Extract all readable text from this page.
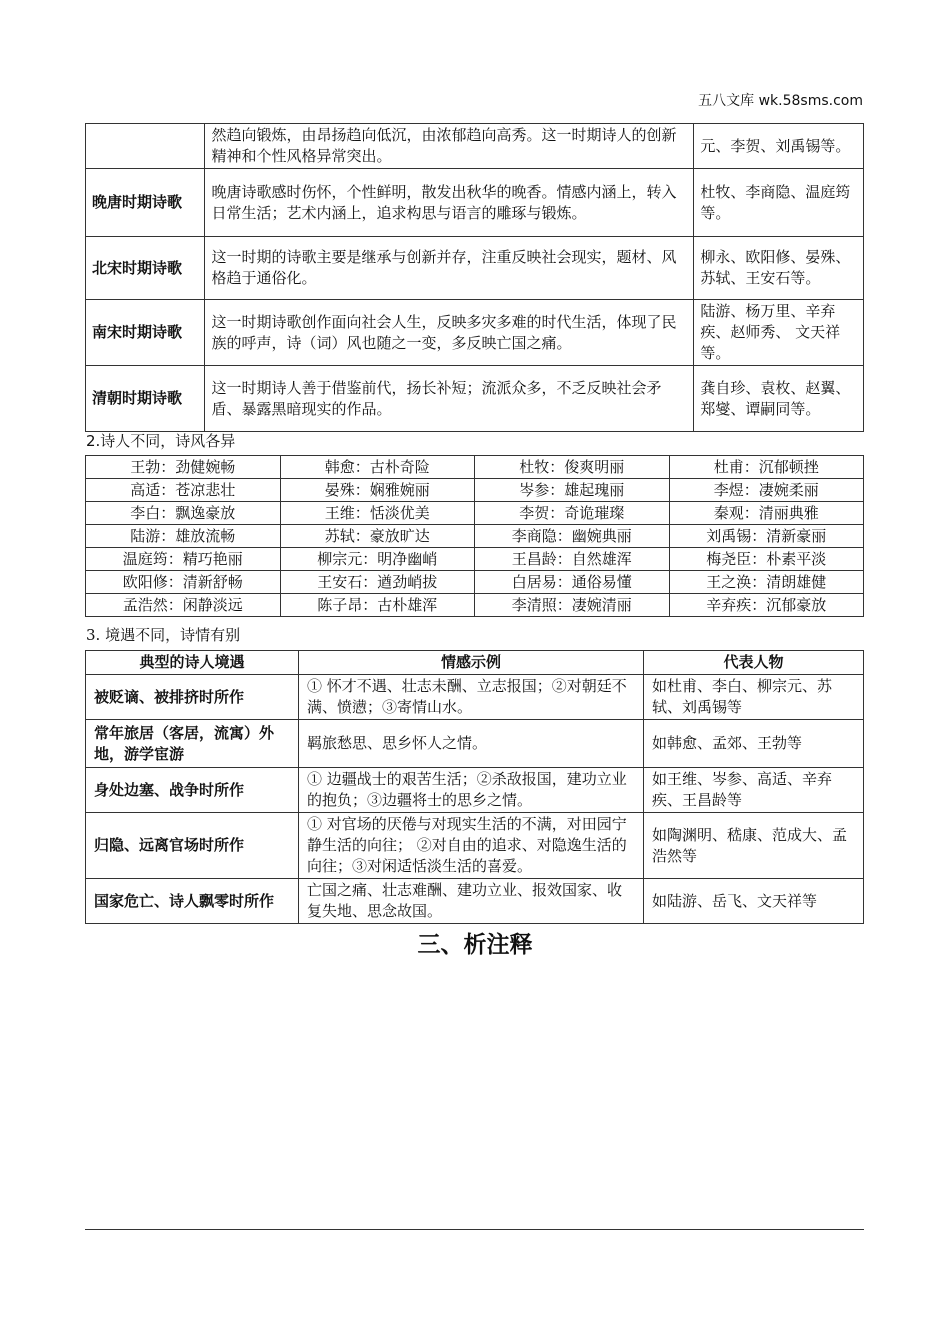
五八文库 wk.58sms.com
	然趋向锻炼，由昂扬趋向低沉，由浓郁趋向高秀。这一时期诗人的创新精神和个性风格异常突出。	元、李贺、刘禹锡等。
晚唐时期诗歌	晚唐诗歌感时伤怀，个性鲜明，散发出秋华的晚香。情感内涵上，转入日常生活；艺术内涵上，追求构思与语言的雕琢与锻炼。	杜牧、李商隐、温庭筠等。
北宋时期诗歌	这一时期的诗歌主要是继承与创新并存，注重反映社会现实，题材、风格趋于通俗化。	柳永、欧阳修、晏殊、苏轼、王安石等。
南宋时期诗歌	这一时期诗歌创作面向社会人生，反映多灾多难的时代生活，体现了民族的呼声，诗（词）风也随之一变，多反映亡国之痛。	陆游、杨万里、辛弃疾、赵师秀、 文天祥等。
清朝时期诗歌	这一时期诗人善于借鉴前代，扬长补短；流派众多，不乏反映社会矛盾、暴露黑暗现实的作品。	龚自珍、袁枚、赵翼、郑燮、谭嗣同等。
2.诗人不同，诗风各异
王勃：劲健婉畅	韩愈：古朴奇险	杜牧：俊爽明丽	杜甫：沉郁顿挫
高适：苍凉悲壮	晏殊：娴雅婉丽	岑参：雄起瑰丽	李煜：凄婉柔丽
李白：飘逸豪放	王维：恬淡优美	李贺：奇诡璀璨	秦观：清丽典雅
陆游：雄放流畅	苏轼：豪放旷达	李商隐：幽婉典丽	刘禹锡：清新豪丽
温庭筠：精巧艳丽	柳宗元：明净幽峭	王昌龄：自然雄浑	梅尧臣：朴素平淡
欧阳修：清新舒畅	王安石：遒劲峭拔	白居易：通俗易懂	王之涣：清朗雄健
孟浩然：闲静淡远	陈子昂：古朴雄浑	李清照：凄婉清丽	辛弃疾：沉郁豪放
3. 境遇不同，诗情有别
典型的诗人境遇	情感示例	代表人物
被贬谪、被排挤时所作	① 怀才不遇、壮志未酬、立志报国；②对朝廷不满、愤懑；③寄情山水。	如杜甫、李白、柳宗元、苏轼、刘禹锡等
常年旅居（客居，流寓）外地，游学宦游	羁旅愁思、思乡怀人之情。	如韩愈、孟郊、王勃等
身处边塞、战争时所作	① 边疆战士的艰苦生活；②杀敌报国，建功立业的抱负；③边疆将士的思乡之情。	如王维、岑参、高适、辛弃疾、王昌龄等
归隐、远离官场时所作	① 对官场的厌倦与对现实生活的不满，对田园宁静生活的向往； ②对自由的追求、对隐逸生活的向往；③对闲适恬淡生活的喜爱。	如陶渊明、嵇康、范成大、孟浩然等
国家危亡、诗人飘零时所作	亡国之痛、壮志难酬、建功立业、报效国家、收复失地、思念故国。	如陆游、岳飞、文天祥等
三、析注释
